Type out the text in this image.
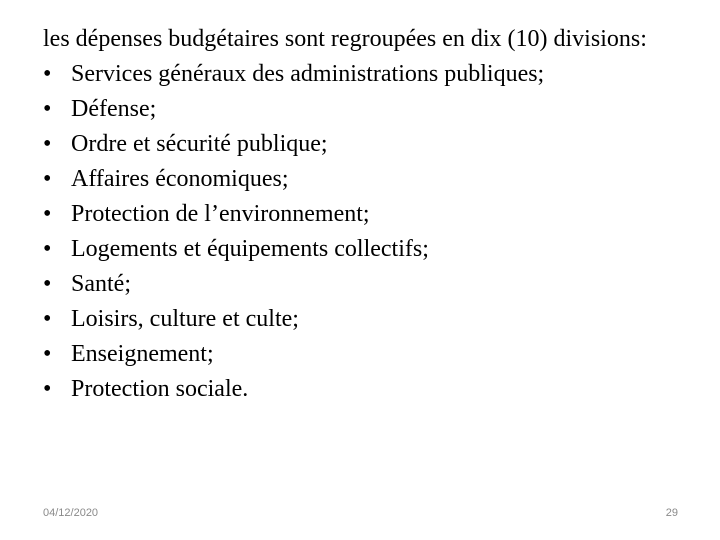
les dépenses budgétaires sont regroupées en dix (10) divisions:

• Services généraux des administrations publiques;
• Défense;
• Ordre et sécurité publique;
• Affaires économiques;
• Protection de l’environnement;
• Logements et équipements collectifs;
• Santé;
• Loisirs, culture et culte;
• Enseignement;
• Protection sociale.
04/12/2020	29
